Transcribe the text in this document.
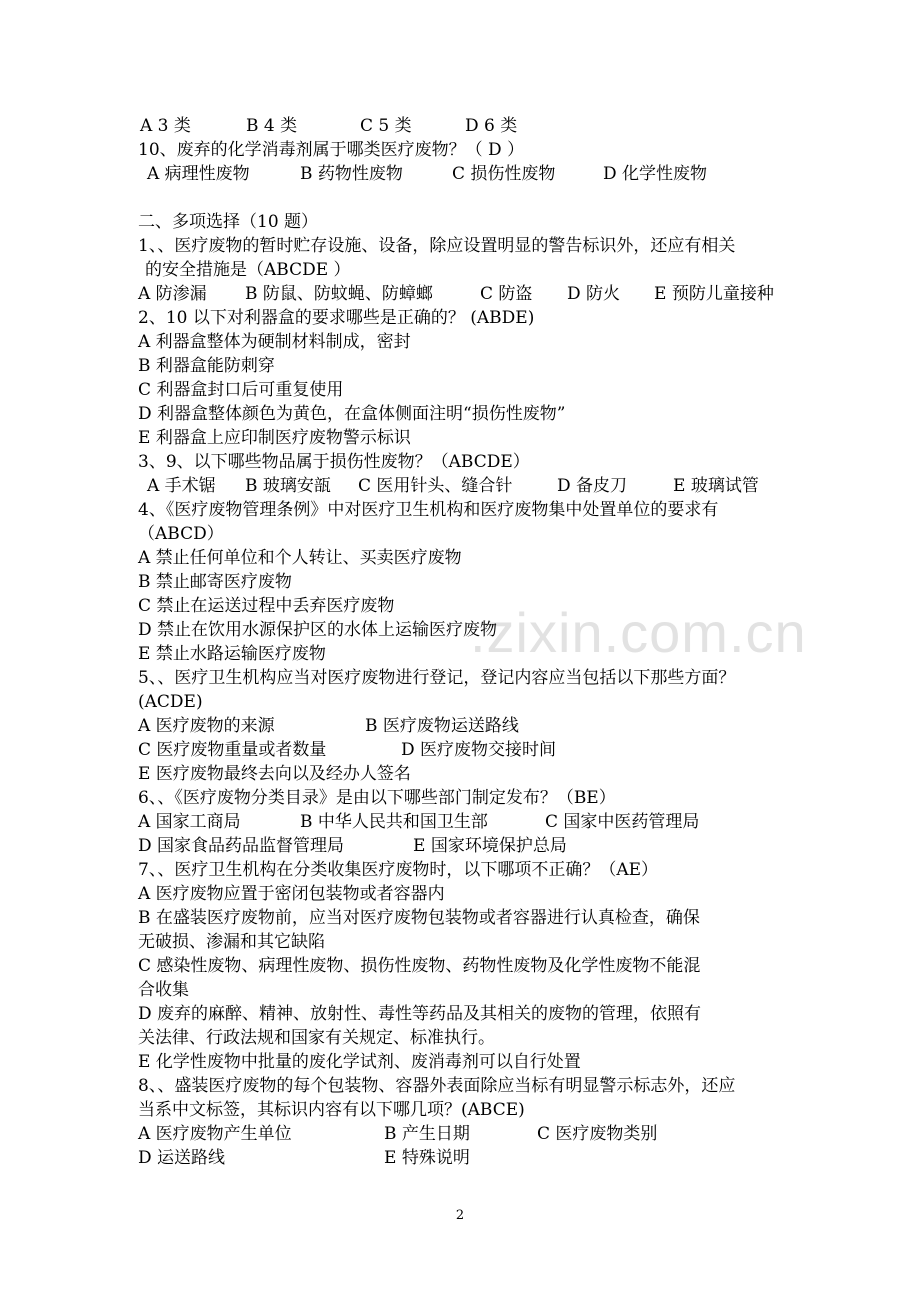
.zixin.com.cn
A 3 类	B 4 类	C 5 类	D 6 类
10、废弃的化学消毒剂属于哪类医疗废物？（ D ）
A 病理性废物	B 药物性废物	C 损伤性废物	D 化学性废物
二、多项选择（10 题）
1、、医疗废物的暂时贮存设施、设备，除应设置明显的警告标识外，还应有相关
的安全措施是（ABCDE ）
A 防渗漏 B 防鼠、防蚊蝇、防蟑螂	C 防盗 D 防火 E 预防儿童接种
2、10 以下对利器盒的要求哪些是正确的？ (ABDE)
A 利器盒整体为硬制材料制成，密封
B 利器盒能防刺穿
C 利器盒封口后可重复使用
D 利器盒整体颜色为黄色，在盒体侧面注明“损伤性废物”
E 利器盒上应印制医疗废物警示标识
3、9、以下哪些物品属于损伤性废物？（ABCDE）
A 手术锯 B 玻璃安瓿 C 医用针头、缝合针	D 备皮刀	E 玻璃试管
4、《医疗废物管理条例》中对医疗卫生机构和医疗废物集中处置单位的要求有
（ABCD）
A 禁止任何单位和个人转让、买卖医疗废物
B 禁止邮寄医疗废物
C 禁止在运送过程中丢弃医疗废物
D 禁止在饮用水源保护区的水体上运输医疗废物
E 禁止水路运输医疗废物
5、、医疗卫生机构应当对医疗废物进行登记，登记内容应当包括以下那些方面？
(ACDE)
A 医疗废物的来源	B 医疗废物运送路线
C 医疗废物重量或者数量	D 医疗废物交接时间
E 医疗废物最终去向以及经办人签名
6、、《医疗废物分类目录》是由以下哪些部门制定发布？（BE）
A 国家工商局	B 中华人民共和国卫生部	C 国家中医药管理局
D 国家食品药品监督管理局	E 国家环境保护总局
7、、医疗卫生机构在分类收集医疗废物时，以下哪项不正确？（AE）
A 医疗废物应置于密闭包装物或者容器内
B 在盛装医疗废物前，应当对医疗废物包装物或者容器进行认真检查，确保
无破损、渗漏和其它缺陷
C 感染性废物、病理性废物、损伤性废物、药物性废物及化学性废物不能混
合收集
D 废弃的麻醉、精神、放射性、毒性等药品及其相关的废物的管理，依照有
关法律、行政法规和国家有关规定、标准执行。
E 化学性废物中批量的废化学试剂、废消毒剂可以自行处置
8、、盛装医疗废物的每个包装物、容器外表面除应当标有明显警示标志外，还应
当系中文标签，其标识内容有以下哪几项？(ABCE)
A 医疗废物产生单位	B 产生日期	C 医疗废物类别
D 运送路线	E 特殊说明
2
